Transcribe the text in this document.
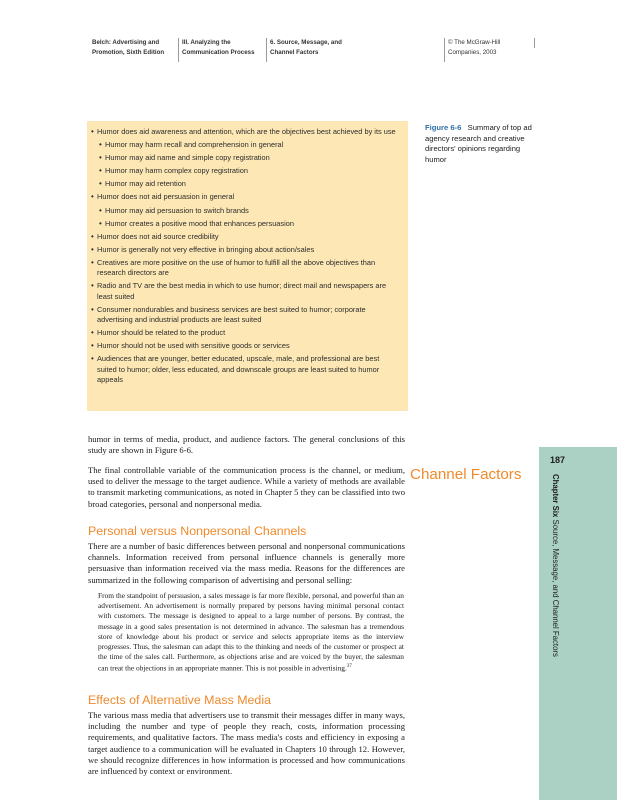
Belch: Advertising and
Promotion, Sixth Edition
III. Analyzing the
Communication Process
6. Source, Message, and
Channel Factors
© The McGraw-Hill
Companies, 2003
• Humor does aid awareness and attention, which are the objectives best achieved by its use
• Humor may harm recall and comprehension in general
• Humor may aid name and simple copy registration
• Humor may harm complex copy registration
• Humor may aid retention
• Humor does not aid persuasion in general
• Humor may aid persuasion to switch brands
• Humor creates a positive mood that enhances persuasion
• Humor does not aid source credibility
• Humor is generally not very effective in bringing about action/sales
• Creatives are more positive on the use of humor to fulfill all the above objectives than research directors are
• Radio and TV are the best media in which to use humor; direct mail and newspapers are least suited
• Consumer nondurables and business services are best suited to humor; corporate advertising and industrial products are least suited
• Humor should be related to the product
• Humor should not be used with sensitive goods or services
• Audiences that are younger, better educated, upscale, male, and professional are best suited to humor; older, less educated, and downscale groups are least suited to humor appeals
Figure 6-6 Summary of top ad agency research and creative directors' opinions regarding humor
humor in terms of media, product, and audience factors. The general conclusions of this study are shown in Figure 6-6.
The final controllable variable of the communication process is the channel, or medium, used to deliver the message to the target audience. While a variety of methods are available to transmit marketing communications, as noted in Chapter 5 they can be classified into two broad categories, personal and nonpersonal media.
Personal versus Nonpersonal Channels
There are a number of basic differences between personal and nonpersonal communications channels. Information received from personal influence channels is generally more persuasive than information received via the mass media. Reasons for the differences are summarized in the following comparison of advertising and personal selling:
From the standpoint of persuasion, a sales message is far more flexible, personal, and powerful than an advertisement. An advertisement is normally prepared by persons having minimal personal contact with customers. The message is designed to appeal to a large number of persons. By contrast, the message in a good sales presentation is not determined in advance. The salesman has a tremendous store of knowledge about his product or service and selects appropriate items as the interview progresses. Thus, the salesman can adapt this to the thinking and needs of the customer or prospect at the time of the sales call. Furthermore, as objections arise and are voiced by the buyer, the salesman can treat the objections in an appropriate manner. This is not possible in advertising.$^{37}$
Effects of Alternative Mass Media
The various mass media that advertisers use to transmit their messages differ in many ways, including the number and type of people they reach, costs, information processing requirements, and qualitative factors. The mass media's costs and efficiency in exposing a target audience to a communication will be evaluated in Chapters 10 through 12. However, we should recognize differences in how information is processed and how communications are influenced by context or environment.
Channel Factors
187
Chapter Six Source, Message, and Channel Factors
